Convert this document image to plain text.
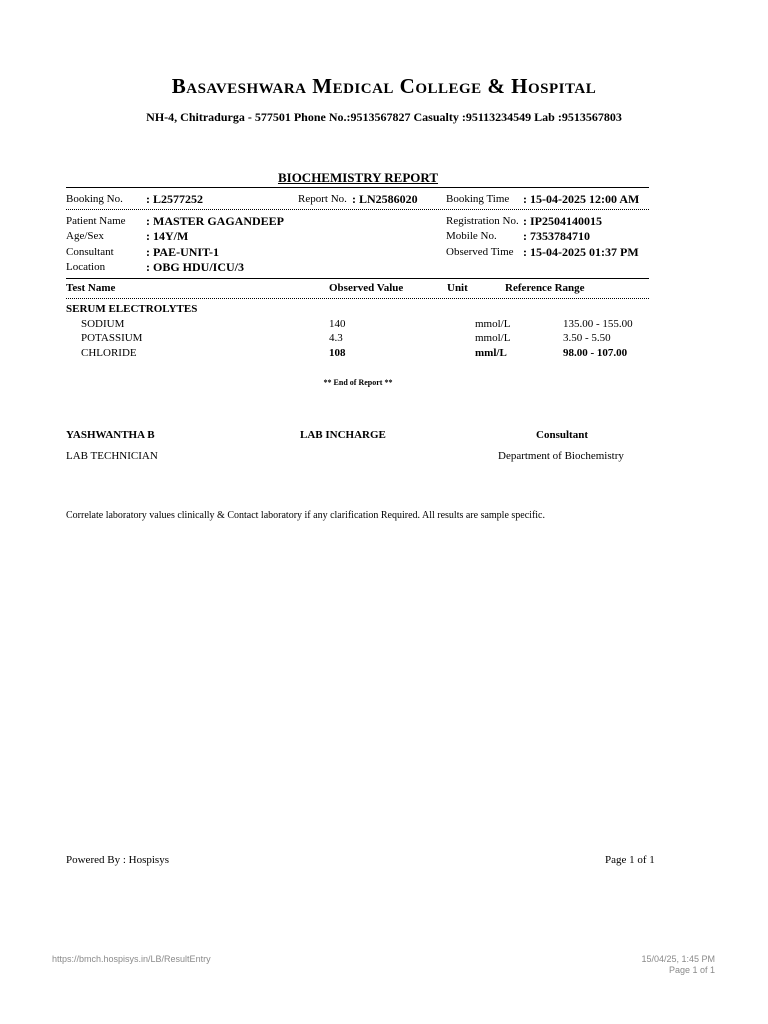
Basaveshwara Medical College & Hospital
NH-4, Chitradurga - 577501 Phone No.:9513567827 Casualty :95113234549 Lab :9513567803
BIOCHEMISTRY REPORT
Booking No. : L2577252	Report No. : LN2586020	Booking Time : 15-04-2025 12:00 AM
Patient Name : MASTER GAGANDEEP
Age/Sex	: 14Y/M
Consultant	: PAE-UNIT-1
Location	: OBG HDU/ICU/3
Registration No. : IP2504140015
Mobile No. : 7353784710
Observed Time : 15-04-2025 01:37 PM
Test Name	Observed Value	Unit	Reference Range
SERUM ELECTROLYTES
SODIUM	140	mmol/L	135.00 - 155.00
POTASSIUM	4.3	mmol/L	3.50 - 5.50
CHLORIDE	108	mml/L	98.00 - 107.00
** End of Report **
YASHWANTHA B	LAB INCHARGE	Consultant
LAB TECHNICIAN	Department of Biochemistry
Correlate laboratory values clinically & Contact laboratory if any clarification Required. All results are sample specific.
Powered By : Hospisys	Page 1 of 1
https://bmch.hospisys.in/LB/ResultEntry	15/04/25, 1:45 PM
Page 1 of 1
